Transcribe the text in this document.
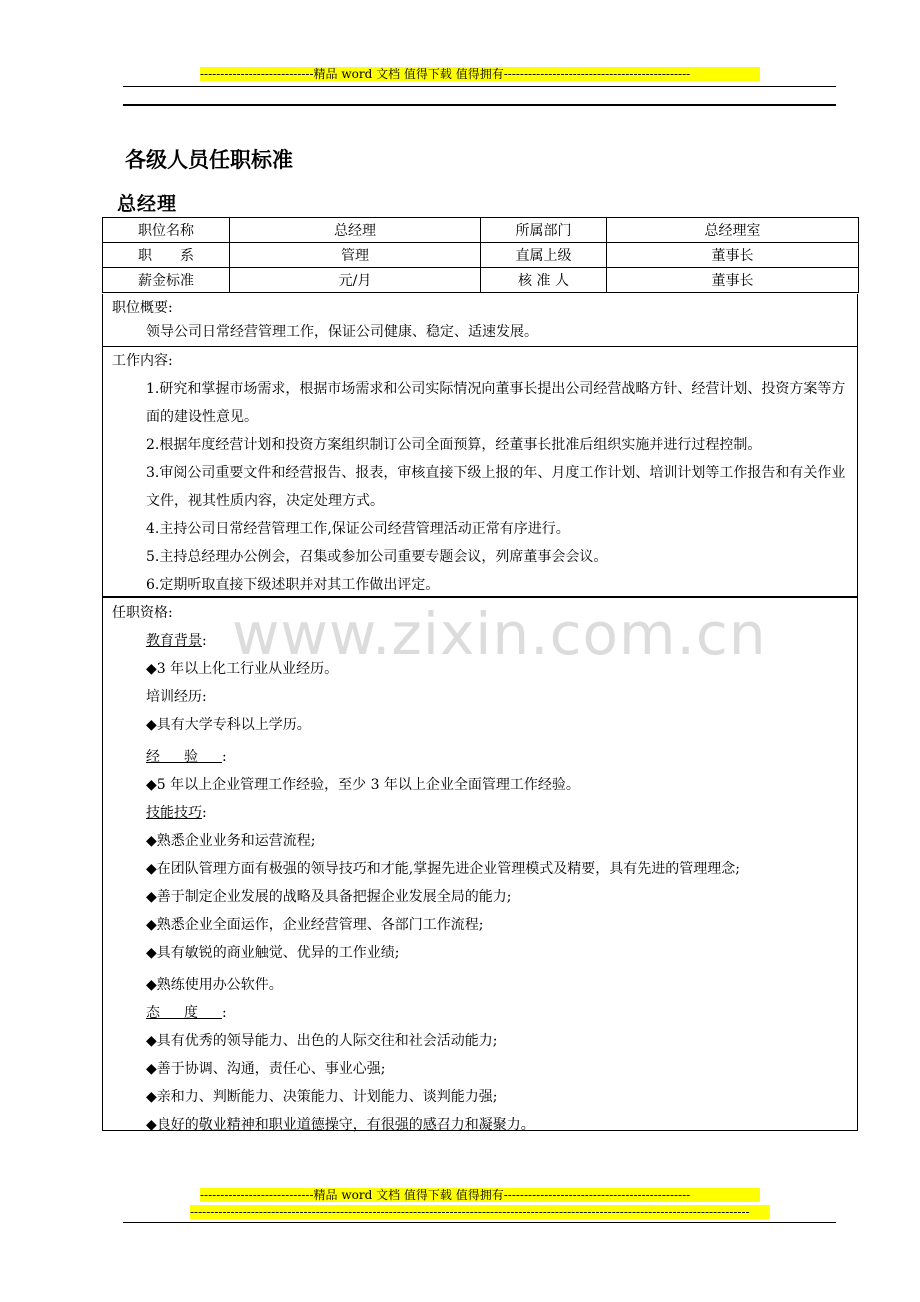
----------------------------精品 word 文档 值得下载 值得拥有----------------------------------------------
各级人员任职标准
总经理
职位名称	总经理	所属部门	总经理室
职　　系	管理	直属上级	董事长
薪金标准	元/月	核 准 人	董事长
职位概要:
领导公司日常经营管理工作，保证公司健康、稳定、适速发展。
工作内容:
1.研究和掌握市场需求，根据市场需求和公司实际情况向董事长提出公司经营战略方针、经营计划、投资方案等方面的建设性意见。
2.根据年度经营计划和投资方案组织制订公司全面预算，经董事长批准后组织实施并进行过程控制。
3.审阅公司重要文件和经营报告、报表，审核直接下级上报的年、月度工作计划、培训计划等工作报告和有关作业文件，视其性质内容，决定处理方式。
4.主持公司日常经营管理工作,保证公司经营管理活动正常有序进行。
5.主持总经理办公例会，召集或参加公司重要专题会议，列席董事会会议。
6.定期听取直接下级述职并对其工作做出评定。
任职资格:
教育背景:
◆3 年以上化工行业从业经历。
培训经历:
◆具有大学专科以上学历。
经验:
◆5 年以上企业管理工作经验，至少 3 年以上企业全面管理工作经验。
技能技巧:
◆熟悉企业业务和运营流程;
◆在团队管理方面有极强的领导技巧和才能,掌握先进企业管理模式及精要，具有先进的管理理念;
◆善于制定企业发展的战略及具备把握企业发展全局的能力;
◆熟悉企业全面运作，企业经营管理、各部门工作流程;
◆具有敏锐的商业触觉、优异的工作业绩;
◆熟练使用办公软件。
态度:
◆具有优秀的领导能力、出色的人际交往和社会活动能力;
◆善于协调、沟通，责任心、事业心强;
◆亲和力、判断能力、决策能力、计划能力、谈判能力强;
◆良好的敬业精神和职业道德操守，有很强的感召力和凝聚力。
www.zixin.com.cn
----------------------------精品 word 文档 值得下载 值得拥有----------------------------------------------
------------------------------------------------------------------------------------------------------------------------------------------
